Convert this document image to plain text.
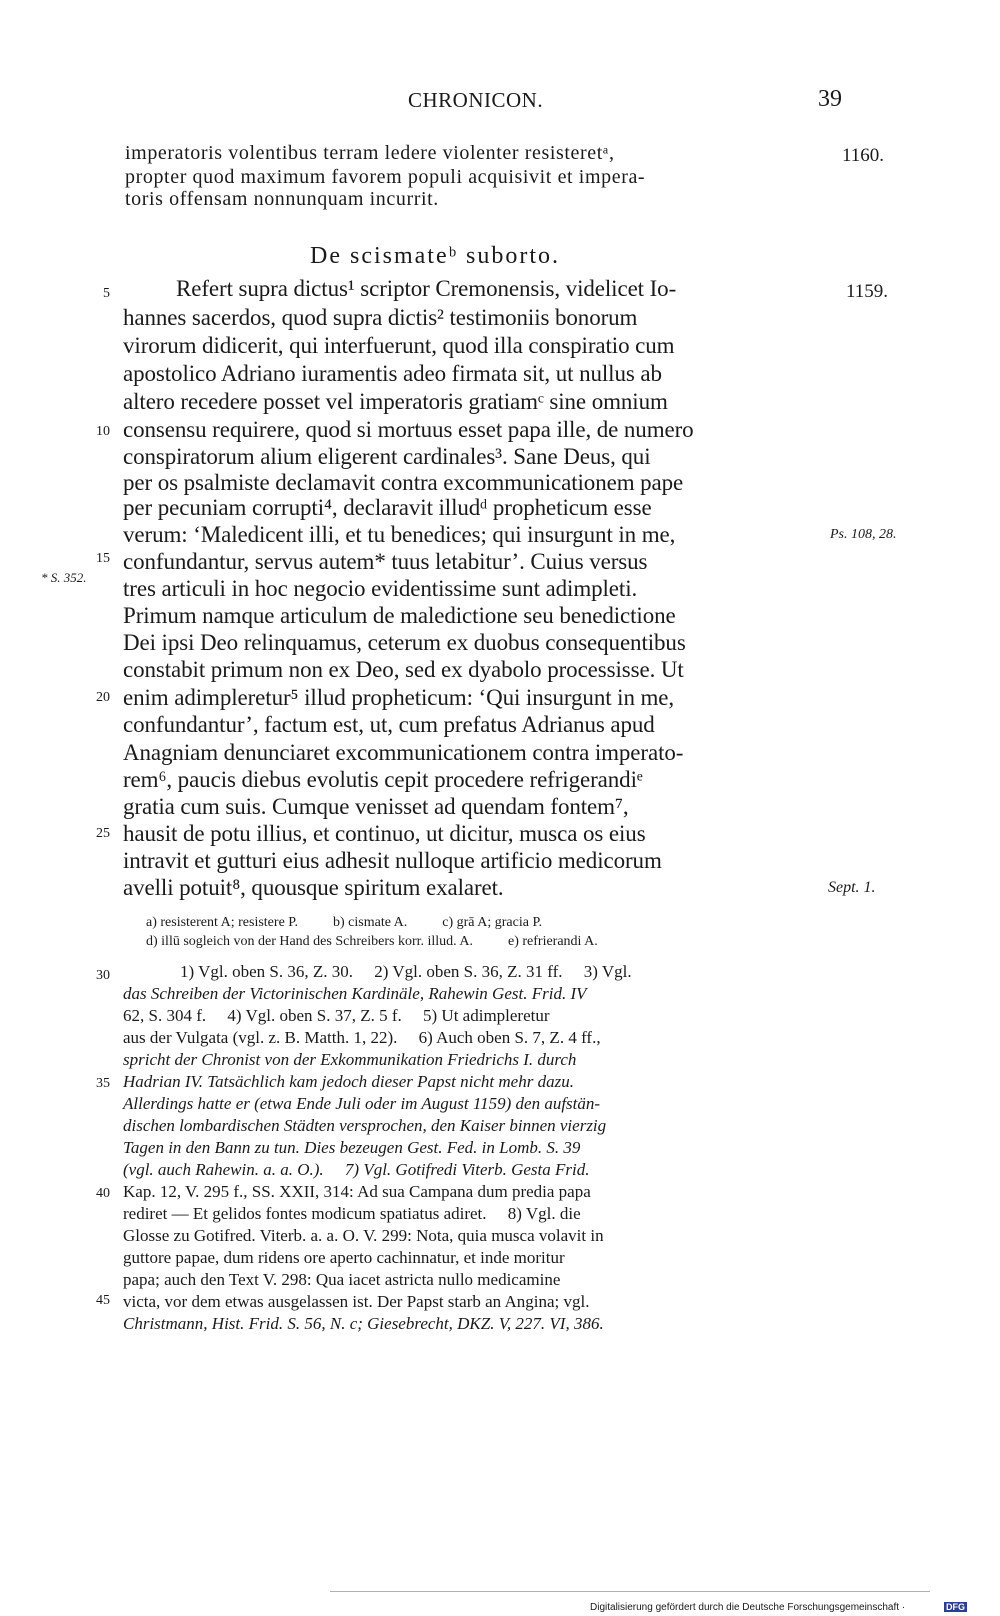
CHRONICON.	39
imperatoris volentibus terram ledere violenter resisteretᵃ,
propter quod maximum favorem populi acquisivit et impera-
toris offensam nonnunquam incurrit.
1160.
De scismateᵇ suborto.
Refert supra dictus¹ scriptor Cremonensis, videlicet Io-
hannes sacerdos, quod supra dictis² testimoniis bonorum
virorum didicerit, qui interfuerunt, quod illa conspiratio cum
apostolico Adriano iuramentis adeo firmata sit, ut nullus ab
altero recedere posset vel imperatoris gratiamᶜ sine omnium
consensu requirere, quod si mortuus esset papa ille, de numero
conspiratorum alium eligerent cardinales³. Sane Deus, qui
per os psalmiste declamavit contra excommunicationem pape
per pecuniam corrupti⁴, declaravit illudᵈ propheticum esse
verum: ‘Maledicent illi, et tu benedices; qui insurgunt in me,
confundantur, servus autem* tuus letabitur’. Cuius versus
tres articuli in hoc negocio evidentissime sunt adimpleti.
Primum namque articulum de maledictione seu benedictione
Dei ipsi Deo relinquamus, ceterum ex duobus consequentibus
constabit primum non ex Deo, sed ex dyabolo processisse. Ut
enim adimpleretur⁵ illud propheticum: ‘Qui insurgunt in me,
confundantur’, factum est, ut, cum prefatus Adrianus apud
Anagniam denunciaret excommunicationem contra imperato-
rem⁶, paucis diebus evolutis cepit procedere refrigerandiᵉ
gratia cum suis. Cumque venisset ad quendam fontem⁷,
hausit de potu illius, et continuo, ut dicitur, musca os eius
intravit et gutturi eius adhesit nulloque artificio medicorum
avelli potuit⁸, quousque spiritum exalaret.
1159.
Ps. 108, 28.
Sept. 1.
* S. 352.
5
10
15
20
25
30
35
40
45
a) resisterent A; resistere P.          b) cismate A.          c) grā A; gracia P.
d) illū sogleich von der Hand des Schreibers korr. illud. A.          e) refrierandi A.
1) Vgl. oben S. 36, Z. 30.     2) Vgl. oben S. 36, Z. 31 ff.     3) Vgl.
das Schreiben der Victorinischen Kardinäle, Rahewin Gest. Frid. IV
62, S. 304 f.     4) Vgl. oben S. 37, Z. 5 f.     5) Ut adimpleretur
aus der Vulgata (vgl. z. B. Matth. 1, 22).     6) Auch oben S. 7, Z. 4 ff.,
spricht der Chronist von der Exkommunikation Friedrichs I. durch
Hadrian IV. Tatsächlich kam jedoch dieser Papst nicht mehr dazu.
Allerdings hatte er (etwa Ende Juli oder im August 1159) den aufstän-
dischen lombardischen Städten versprochen, den Kaiser binnen vierzig
Tagen in den Bann zu tun. Dies bezeugen Gest. Fed. in Lomb. S. 39
(vgl. auch Rahewin. a. a. O.).     7) Vgl. Gotifredi Viterb. Gesta Frid.
Kap. 12, V. 295 f., SS. XXII, 314: Ad sua Campana dum predia papa
rediret — Et gelidos fontes modicum spatiatus adiret.     8) Vgl. die
Glosse zu Gotifred. Viterb. a. a. O. V. 299: Nota, quia musca volavit in
guttore papae, dum ridens ore aperto cachinnatur, et inde moritur
papa; auch den Text V. 298: Qua iacet astricta nullo medicamine
victa, vor dem etwas ausgelassen ist. Der Papst starb an Angina; vgl.
Christmann, Hist. Frid. S. 56, N. c; Giesebrecht, DKZ. V, 227. VI, 386.
Digitalisierung gefördert durch die Deutsche Forschungsgemeinschaft ·	DFG
